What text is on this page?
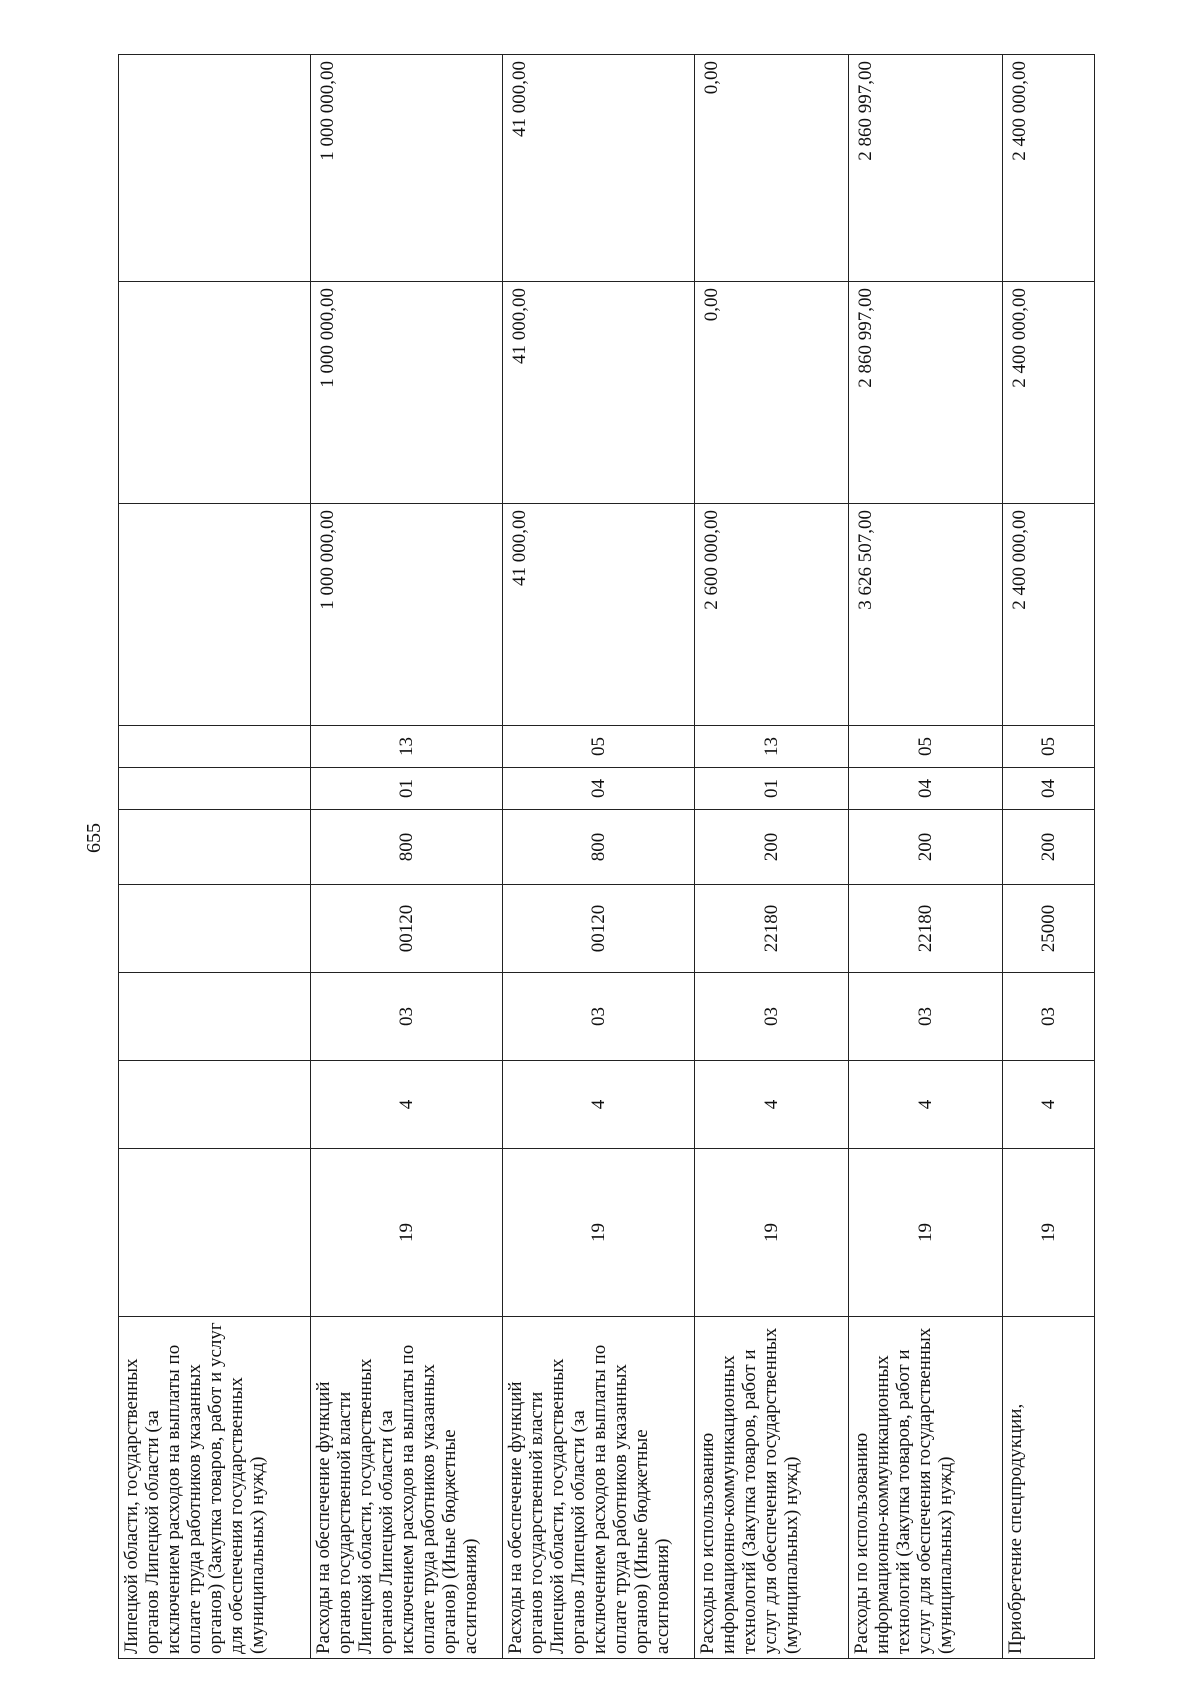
655
Липецкой области, государственных органов Липецкой области (за исключением расходов на выплаты по оплате труда работников указанных органов) (Закупка товаров, работ и услуг для обеспечения государственных (муниципальных) нужд)										
Расходы на обеспечение функций органов государственной власти Липецкой области, государственных органов Липецкой области (за исключением расходов на выплаты по оплате труда работников указанных органов) (Иные бюджетные ассигнования)	19	4	03	00120	800	01	13	1 000 000,00	1 000 000,00	1 000 000,00
Расходы на обеспечение функций органов государственной власти Липецкой области, государственных органов Липецкой области (за исключением расходов на выплаты по оплате труда работников указанных органов) (Иные бюджетные ассигнования)	19	4	03	00120	800	04	05	41 000,00	41 000,00	41 000,00
Расходы по использованию информационно-коммуникационных технологий (Закупка товаров, работ и услуг для обеспечения государственных (муниципальных) нужд)	19	4	03	22180	200	01	13	2 600 000,00	0,00	0,00
Расходы по использованию информационно-коммуникационных технологий (Закупка товаров, работ и услуг для обеспечения государственных (муниципальных) нужд)	19	4	03	22180	200	04	05	3 626 507,00	2 860 997,00	2 860 997,00
Приобретение спецпродукции,	19	4	03	25000	200	04	05	2 400 000,00	2 400 000,00	2 400 000,00
